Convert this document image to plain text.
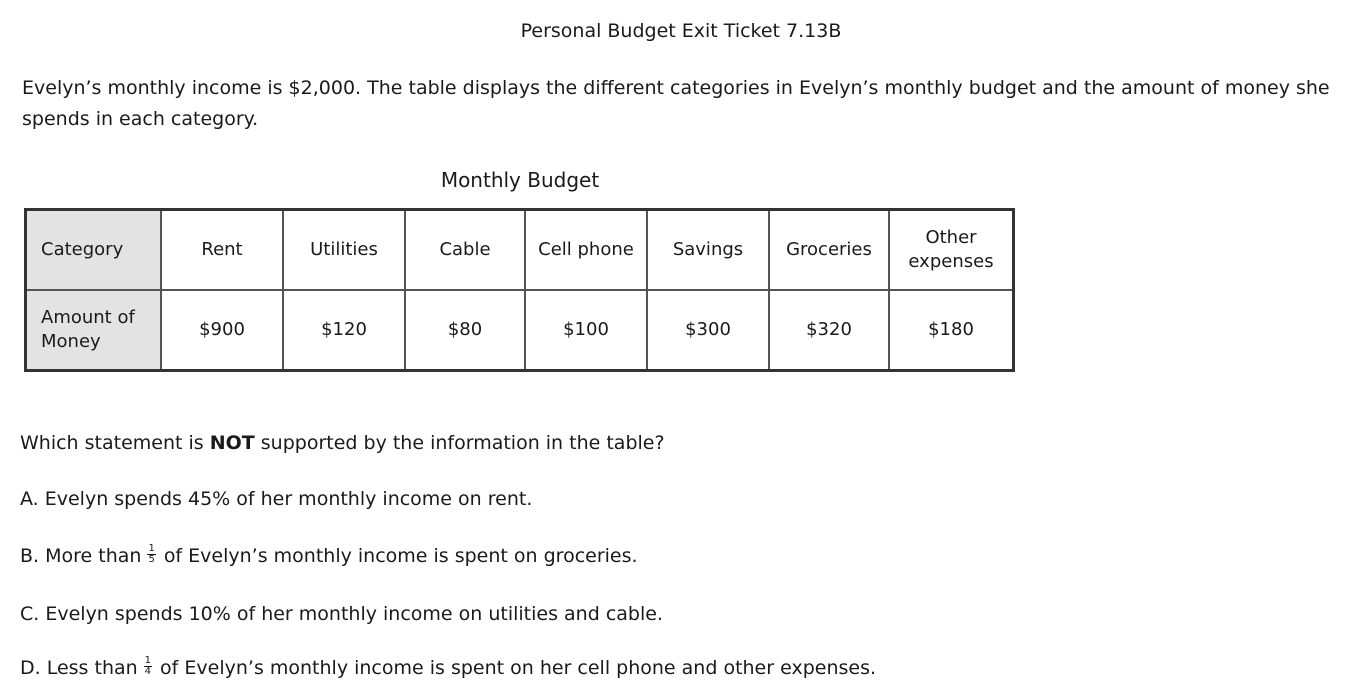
Personal Budget Exit Ticket 7.13B
Evelyn’s monthly income is $2,000. The table displays the different categories in Evelyn’s monthly budget and the amount of money she spends in each category.
Monthly Budget
Category	Rent	Utilities	Cable	Cell phone	Savings	Groceries	Other expenses
Amount of Money	$900	$120	$80	$100	$300	$320	$180
Which statement is NOT supported by the information in the table?
A. Evelyn spends 45% of her monthly income on rent.
B. More than $\frac{1}{5}$ of Evelyn’s monthly income is spent on groceries.
C. Evelyn spends 10% of her monthly income on utilities and cable.
D. Less than $\frac{1}{4}$ of Evelyn’s monthly income is spent on her cell phone and other expenses.
